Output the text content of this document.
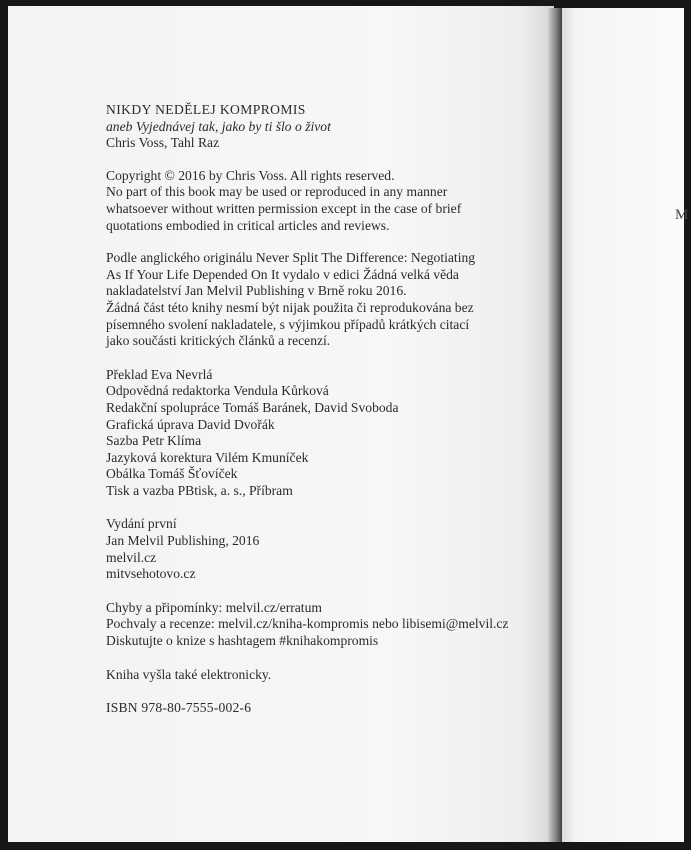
M

NIKDY NEDĚLEJ KOMPROMIS

aneb Vyjednávej tak, jako by ti šlo o život

Chris Voss, Tahl Raz

Copyright © 2016 by Chris Voss. All rights reserved.

No part of this book may be used or reproduced in any manner

whatsoever without written permission except in the case of brief

quotations embodied in critical articles and reviews.

Podle anglického originálu Never Split The Difference: Negotiating

As If Your Life Depended On It vydalo v edici Žádná velká věda

nakladatelství Jan Melvil Publishing v Brně roku 2016.

Žádná část této knihy nesmí být nijak použita či reprodukována bez

písemného svolení nakladatele, s výjimkou případů krátkých citací

jako součásti kritických článků a recenzí.

Překlad Eva Nevrlá

Odpovědná redaktorka Vendula Kůrková

Redakční spolupráce Tomáš Baránek, David Svoboda

Grafická úprava David Dvořák

Sazba Petr Klíma

Jazyková korektura Vilém Kmuníček

Obálka Tomáš Šťovíček

Tisk a vazba PBtisk, a. s., Příbram

Vydání první

Jan Melvil Publishing, 2016

melvil.cz

mitvsehotovo.cz

Chyby a připomínky: melvil.cz/erratum

Pochvaly a recenze: melvil.cz/kniha-kompromis nebo libisemi@melvil.cz

Diskutujte o knize s hashtagem #knihakompromis

Kniha vyšla také elektronicky.

ISBN 978-80-7555-002-6
